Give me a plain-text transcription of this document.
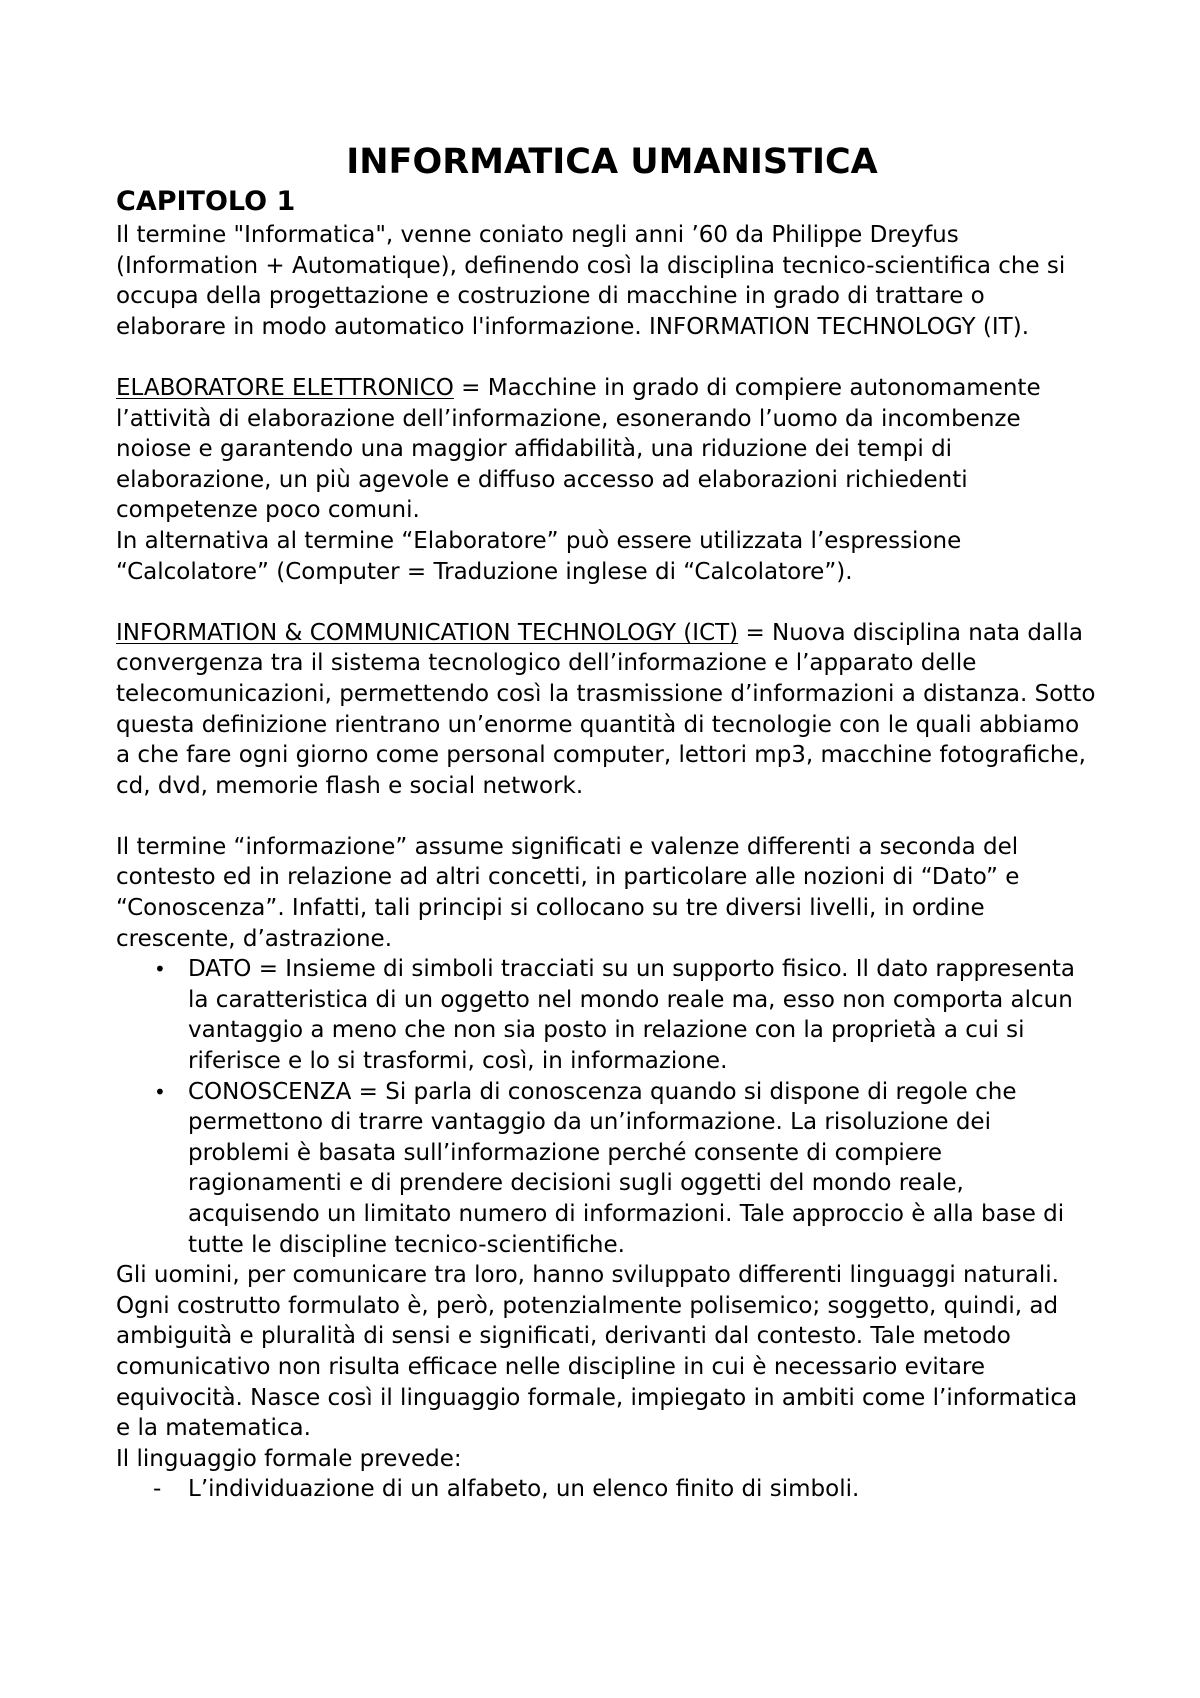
INFORMATICA UMANISTICA
CAPITOLO 1

Il termine "Informatica", venne coniato negli anni ’60 da Philippe Dreyfus (Information + Automatique), definendo così la disciplina tecnico-scientifica che si occupa della progettazione e costruzione di macchine in grado di trattare o elaborare in modo automatico l'informazione. INFORMATION TECHNOLOGY (IT).

ELABORATORE ELETTRONICO = Macchine in grado di compiere autonomamente l’attività di elaborazione dell’informazione, esonerando l’uomo da incombenze noiose e garantendo una maggior affidabilità, una riduzione dei tempi di elaborazione, un più agevole e diffuso accesso ad elaborazioni richiedenti competenze poco comuni.

In alternativa al termine “Elaboratore” può essere utilizzata l’espressione “Calcolatore” (Computer = Traduzione inglese di “Calcolatore”).

INFORMATION & COMMUNICATION TECHNOLOGY (ICT) = Nuova disciplina nata dalla convergenza tra il sistema tecnologico dell’informazione e l’apparato delle telecomunicazioni, permettendo così la trasmissione d’informazioni a distanza. Sotto questa definizione rientrano un’enorme quantità di tecnologie con le quali abbiamo a che fare ogni giorno come personal computer, lettori mp3, macchine fotografiche, cd, dvd, memorie flash e social network.

Il termine “informazione” assume significati e valenze differenti a seconda del contesto ed in relazione ad altri concetti, in particolare alle nozioni di “Dato” e “Conoscenza”. Infatti, tali principi si collocano su tre diversi livelli, in ordine crescente, d’astrazione.

• DATO = Insieme di simboli tracciati su un supporto fisico. Il dato rappresenta la caratteristica di un oggetto nel mondo reale ma, esso non comporta alcun vantaggio a meno che non sia posto in relazione con la proprietà a cui si riferisce e lo si trasformi, così, in informazione.
• CONOSCENZA = Si parla di conoscenza quando si dispone di regole che permettono di trarre vantaggio da un’informazione. La risoluzione dei problemi è basata sull’informazione perché consente di compiere ragionamenti e di prendere decisioni sugli oggetti del mondo reale, acquisendo un limitato numero di informazioni. Tale approccio è alla base di tutte le discipline tecnico-scientifiche.

Gli uomini, per comunicare tra loro, hanno sviluppato differenti linguaggi naturali. Ogni costrutto formulato è, però, potenzialmente polisemico; soggetto, quindi, ad ambiguità e pluralità di sensi e significati, derivanti dal contesto. Tale metodo comunicativo non risulta efficace nelle discipline in cui è necessario evitare equivocità. Nasce così il linguaggio formale, impiegato in ambiti come l’informatica e la matematica.

Il linguaggio formale prevede:

- L’individuazione di un alfabeto, un elenco finito di simboli.
